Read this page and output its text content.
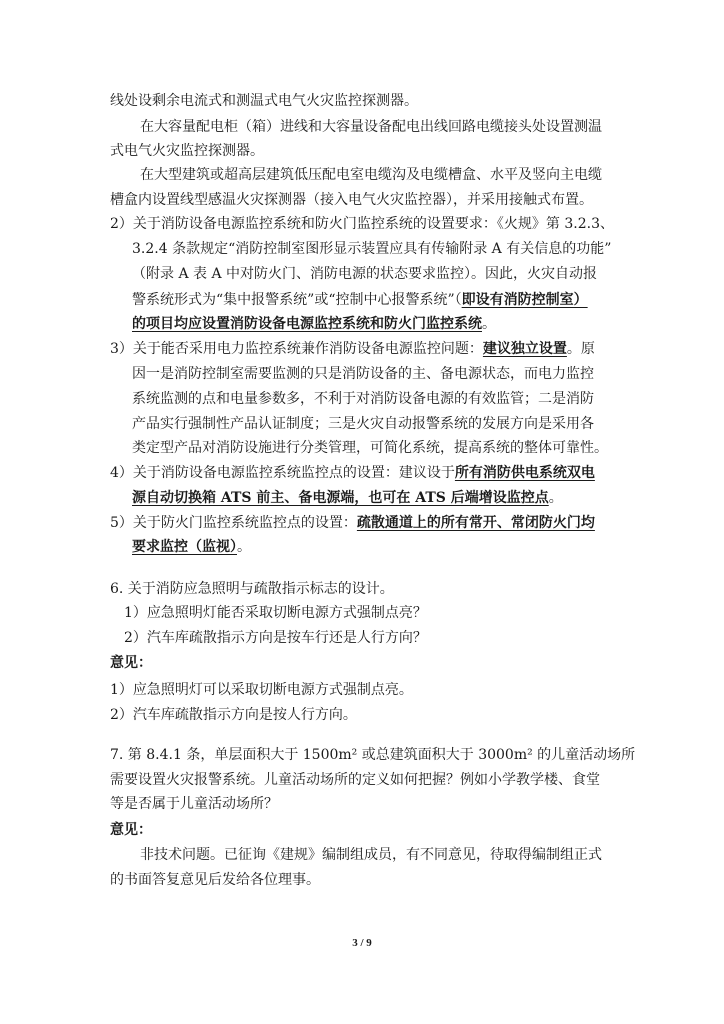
线处设剩余电流式和测温式电气火灾监控探测器。
在大容量配电柜（箱）进线和大容量设备配电出线回路电缆接头处设置测温
式电气火灾监控探测器。
在大型建筑或超高层建筑低压配电室电缆沟及电缆槽盒、水平及竖向主电缆
槽盒内设置线型感温火灾探测器（接入电气火灾监控器），并采用接触式布置。
2）关于消防设备电源监控系统和防火门监控系统的设置要求：《火规》第 3.2.3、
3.2.4 条款规定“消防控制室图形显示装置应具有传输附录 A 有关信息的功能”
（附录 A 表 A 中对防火门、消防电源的状态要求监控）。因此，火灾自动报
警系统形式为“集中报警系统”或“控制中心报警系统”（即设有消防控制室）
的项目均应设置消防设备电源监控系统和防火门监控系统。
3）关于能否采用电力监控系统兼作消防设备电源监控问题：建议独立设置。原
因一是消防控制室需要监测的只是消防设备的主、备电源状态，而电力监控
系统监测的点和电量参数多，不利于对消防设备电源的有效监管；二是消防
产品实行强制性产品认证制度；三是火灾自动报警系统的发展方向是采用各
类定型产品对消防设施进行分类管理，可简化系统，提高系统的整体可靠性。
4）关于消防设备电源监控系统监控点的设置：建议设于所有消防供电系统双电
源自动切换箱 ATS 前主、备电源端，也可在 ATS 后端增设监控点。
5）关于防火门监控系统监控点的设置：疏散通道上的所有常开、常闭防火门均
要求监控（监视）。
6. 关于消防应急照明与疏散指示标志的设计。
1）应急照明灯能否采取切断电源方式强制点亮？
2）汽车库疏散指示方向是按车行还是人行方向？
意见：
1）应急照明灯可以采取切断电源方式强制点亮。
2）汽车库疏散指示方向是按人行方向。
7. 第 8.4.1 条，单层面积大于 1500m² 或总建筑面积大于 3000m² 的儿童活动场所
需要设置火灾报警系统。儿童活动场所的定义如何把握？例如小学教学楼、食堂
等是否属于儿童活动场所？
意见：
非技术问题。已征询《建规》编制组成员，有不同意见，待取得编制组正式
的书面答复意见后发给各位理事。
3 / 9
